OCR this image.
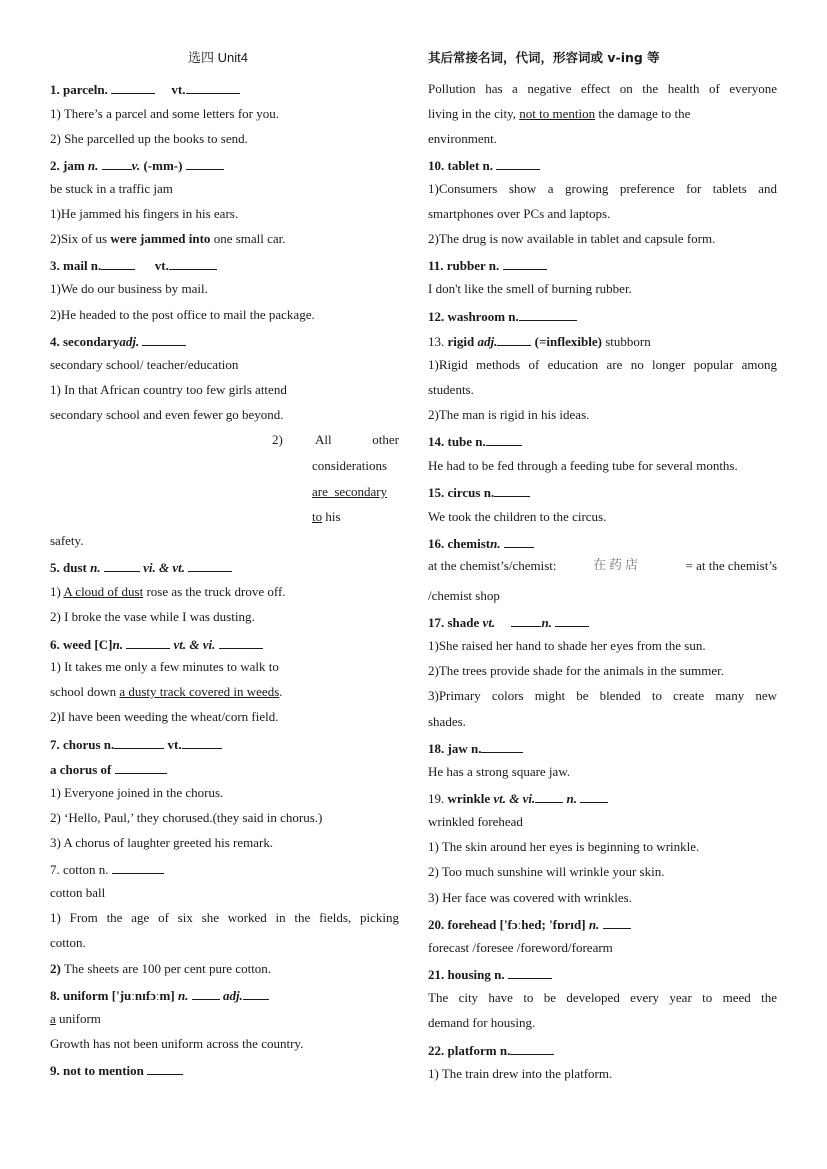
选四 Unit4
1. parceln.	vt.
1) There’s a parcel and some letters for you.
2) She parcelled up the books to send.
2. jam n.	v. (-mm-)
be stuck in a traffic jam
1)He jammed his fingers in his ears.
2)Six of us were jammed into one small car.
3. mail n.	vt.
1)We do our business by mail.
2)He headed to the post office to mail the package.
4. secondaryadj.
secondary school/ teacher/education
1) In that African country too few girls attend
secondary school and even fewer go beyond.
2) All	other
considerations
are secondary
to his
safety.
5. dust n.	vi. & vt.
1) A cloud of dust rose as the truck drove off.
2) I broke the vase while I was dusting.
6. weed [C]n.	vt. & vi.
1) It takes me only a few minutes to walk to
school down a dusty track covered in weeds.
2)I have been weeding the wheat/corn field.
7. chorus n.	vt.
a chorus of
1) Everyone joined in the chorus.
2) ‘Hello, Paul,’ they chorused.(they said in chorus.)
3) A chorus of laughter greeted his remark.
7. cotton n.
cotton ball
1) From the age of six she worked in the fields, picking
cotton.
2) The sheets are 100 per cent pure cotton.
8. uniform ['juːnɪfɔːm] n.	adj.
a uniform
Growth has not been uniform across the country.
9. not to mention
其后常接名词，代词，形容词或 v-ing 等
Pollution has a negative effect on the health of everyone
living in the city, not to mention the damage to the
environment.
10. tablet n.
1)Consumers show a growing preference for tablets and
smartphones over PCs and laptops.
2)The drug is now available in tablet and capsule form.
11. rubber n.
I don't like the smell of burning rubber.
12. washroom n.
13. rigid adj.	(=inflexible) stubborn
1)Rigid methods of education are no longer popular among
students.
2)The man is rigid in his ideas.
14. tube n.
He had to be fed through a feeding tube for several months.
15. circus n.
We took the children to the circus.
16. chemistn.
at the chemist’s/chemist:	在药店	= at the chemist’s
/chemist shop
17. shade vt.	n.
1)She raised her hand to shade her eyes from the sun.
2)The trees provide shade for the animals in the summer.
3)Primary colors might be blended to create many new
shades.
18. jaw n.
He has a strong square jaw.
19. wrinkle vt. & vi. n.
wrinkled forehead
1) The skin around her eyes is beginning to wrinkle.
2) Too much sunshine will wrinkle your skin.
3) Her face was covered with wrinkles.
20. forehead ['fɔːhed; 'fɒrɪd] n.
forecast /foresee /foreword/forearm
21. housing n.
The city have to be developed every year to meed the
demand for housing.
22. platform n.
1) The train drew into the platform.
